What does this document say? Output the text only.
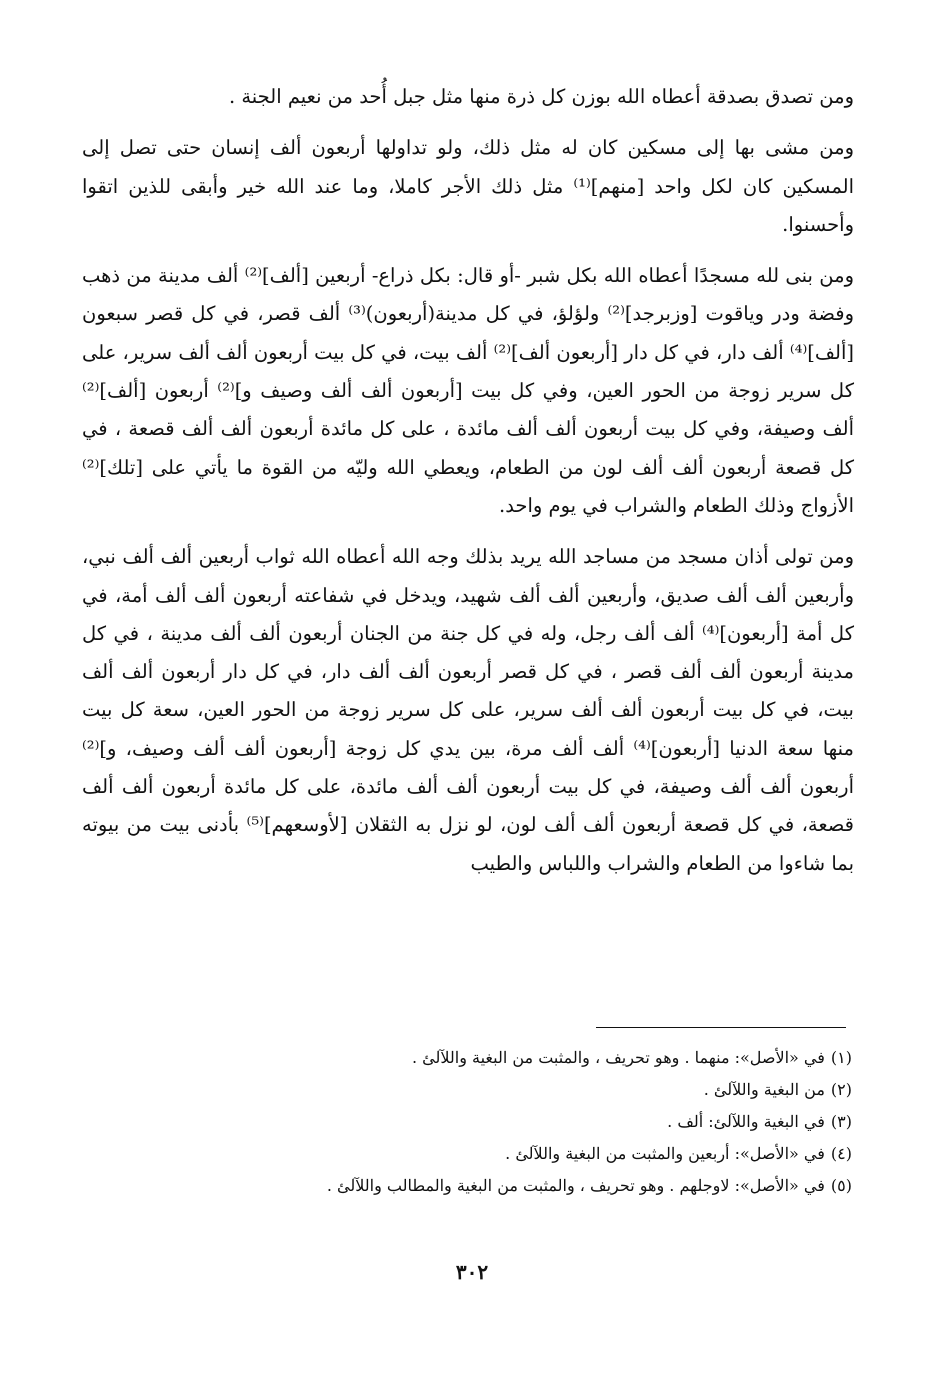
ومن تصدق بصدقة أعطاه الله بوزن كل ذرة منها مثل جبل أُحد من نعيم الجنة .

ومن مشى بها إلى مسكين كان له مثل ذلك، ولو تداولها أربعون ألف إنسان حتى تصل إلى المسكين كان لكل واحد [منهم]⁽¹⁾ مثل ذلك الأجر كاملا، وما عند الله خير وأبقى للذين اتقوا وأحسنوا.

ومن بنى لله مسجدًا أعطاه الله بكل شبر -أو قال: بكل ذراع- أربعين [ألف]⁽²⁾ ألف مدينة من ذهب وفضة ودر وياقوت [وزبرجد]⁽²⁾ ولؤلؤ، في كل مدينة(أربعون)⁽³⁾ ألف قصر، في كل قصر سبعون [ألف]⁽⁴⁾ ألف دار، في كل دار [أربعون ألف]⁽²⁾ ألف بيت، في كل بيت أربعون ألف ألف سرير، على كل سرير زوجة من الحور العين، وفي كل بيت [أربعون ألف ألف وصيف و]⁽²⁾ أربعون [ألف]⁽²⁾ ألف وصيفة، وفي كل بيت أربعون ألف ألف مائدة ، على كل مائدة أربعون ألف ألف قصعة ، في كل قصعة أربعون ألف ألف لون من الطعام، ويعطي الله وليّه من القوة ما يأتي على [تلك]⁽²⁾ الأزواج وذلك الطعام والشراب في يوم واحد.

ومن تولى أذان مسجد من مساجد الله يريد بذلك وجه الله أعطاه الله ثواب أربعين ألف ألف نبي، وأربعين ألف ألف صديق، وأربعين ألف ألف شهيد، ويدخل في شفاعته أربعون ألف ألف أمة، في كل أمة [أربعون]⁽⁴⁾ ألف ألف رجل، وله في كل جنة من الجنان أربعون ألف ألف مدينة ، في كل مدينة أربعون ألف ألف قصر ، في كل قصر أربعون ألف ألف دار، في كل دار أربعون ألف ألف بيت، في كل بيت أربعون ألف ألف سرير، على كل سرير زوجة من الحور العين، سعة كل بيت منها سعة الدنيا [أربعون]⁽⁴⁾ ألف ألف مرة، بين يدي كل زوجة [أربعون ألف ألف وصيف، و]⁽²⁾ أربعون ألف ألف وصيفة، في كل بيت أربعون ألف ألف مائدة، على كل مائدة أربعون ألف ألف قصعة، في كل قصعة أربعون ألف ألف لون، لو نزل به الثقلان [لأوسعهم]⁽⁵⁾ بأدنى بيت من بيوته بما شاءوا من الطعام والشراب واللباس والطيب

(١)في «الأصل»: منهما . وهو تحريف ، والمثبت من البغية واللآلئ .
(٢)من البغية واللآلئ .
(٣)في البغية واللآلئ: ألف .
(٤)في «الأصل»: أربعين والمثبت من البغية واللآلئ .
(٥)في «الأصل»: لاوجلهم . وهو تحريف ، والمثبت من البغية والمطالب واللآلئ .
٣٠٢
